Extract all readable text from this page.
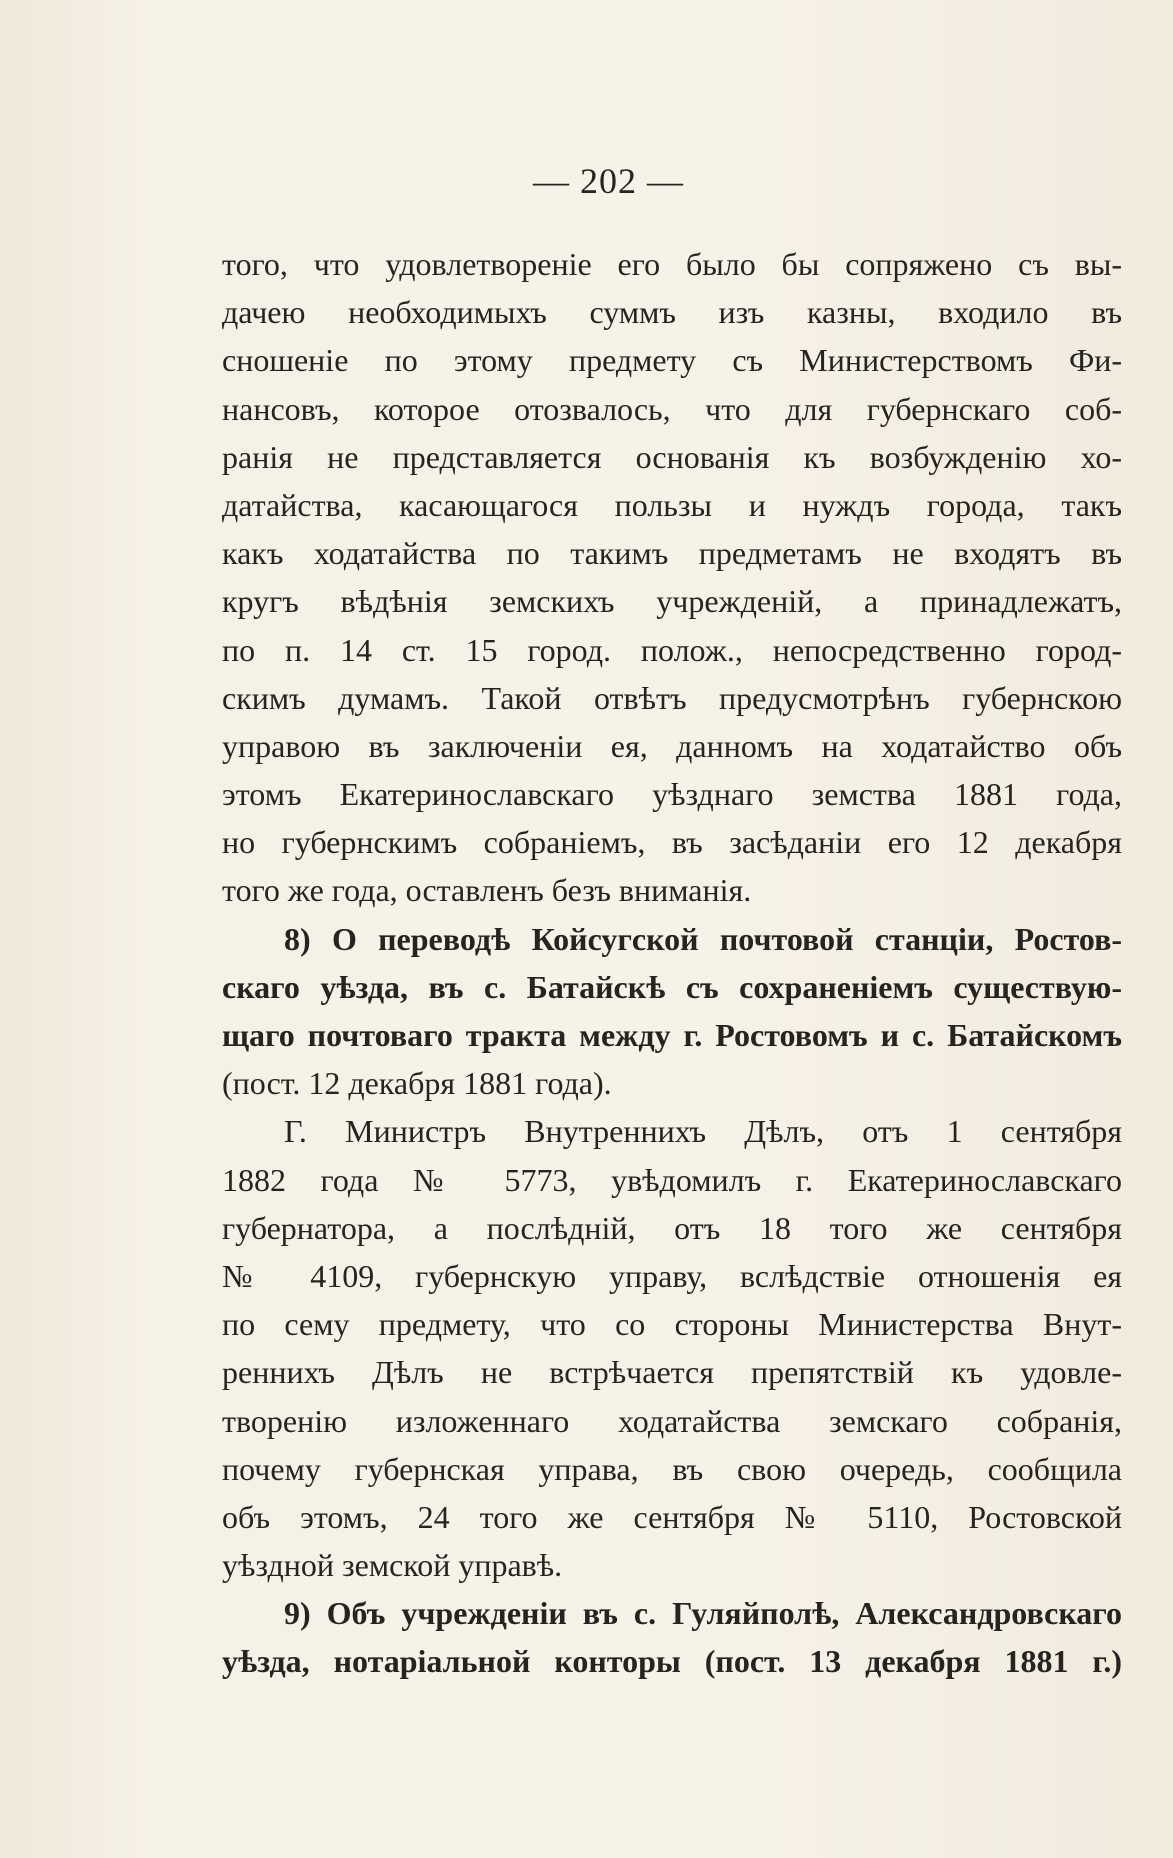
— 202 —
того, что удовлетвореніе его было бы сопряжено съ вы-
дачею необходимыхъ суммъ изъ казны, входило въ
сношеніе по этому предмету съ Министерствомъ Фи-
нансовъ, которое отозвалось, что для губернскаго соб-
ранія не представляется основанія къ возбужденію хо-
датайства, касающагося пользы и нуждъ города, такъ
какъ ходатайства по такимъ предметамъ не входятъ въ
кругъ вѣдѣнія земскихъ учрежденій, а принадлежатъ,
по п. 14 ст. 15 город. полож., непосредственно город-
скимъ думамъ. Такой отвѣтъ предусмотрѣнъ губернскою
управою въ заключеніи ея, данномъ на ходатайство объ
этомъ Екатеринославскаго уѣзднаго земства 1881 года,
но губернскимъ собраніемъ, въ засѣданіи его 12 декабря
того же года, оставленъ безъ вниманія.
8) О переводѣ Койсугской почтовой станціи, Ростов-
скаго уѣзда, въ с. Батайскѣ съ сохраненіемъ существую-
щаго почтоваго тракта между г. Ростовомъ и с. Батайскомъ
(пост. 12 декабря 1881 года).
Г. Министръ Внутреннихъ Дѣлъ, отъ 1 сентября
1882 года № 5773, увѣдомилъ г. Екатеринославскаго
губернатора, а послѣдній, отъ 18 того же сентября
№ 4109, губернскую управу, вслѣдствіе отношенія ея
по сему предмету, что со стороны Министерства Внут-
реннихъ Дѣлъ не встрѣчается препятствій къ удовле-
творенію изложеннаго ходатайства земскаго собранія,
почему губернская управа, въ свою очередь, сообщила
объ этомъ, 24 того же сентября № 5110, Ростовской
уѣздной земской управѣ.
9) Объ учрежденіи въ с. Гуляйполѣ, Александровскаго
уѣзда, нотаріальной конторы (пост. 13 декабря 1881 г.)
